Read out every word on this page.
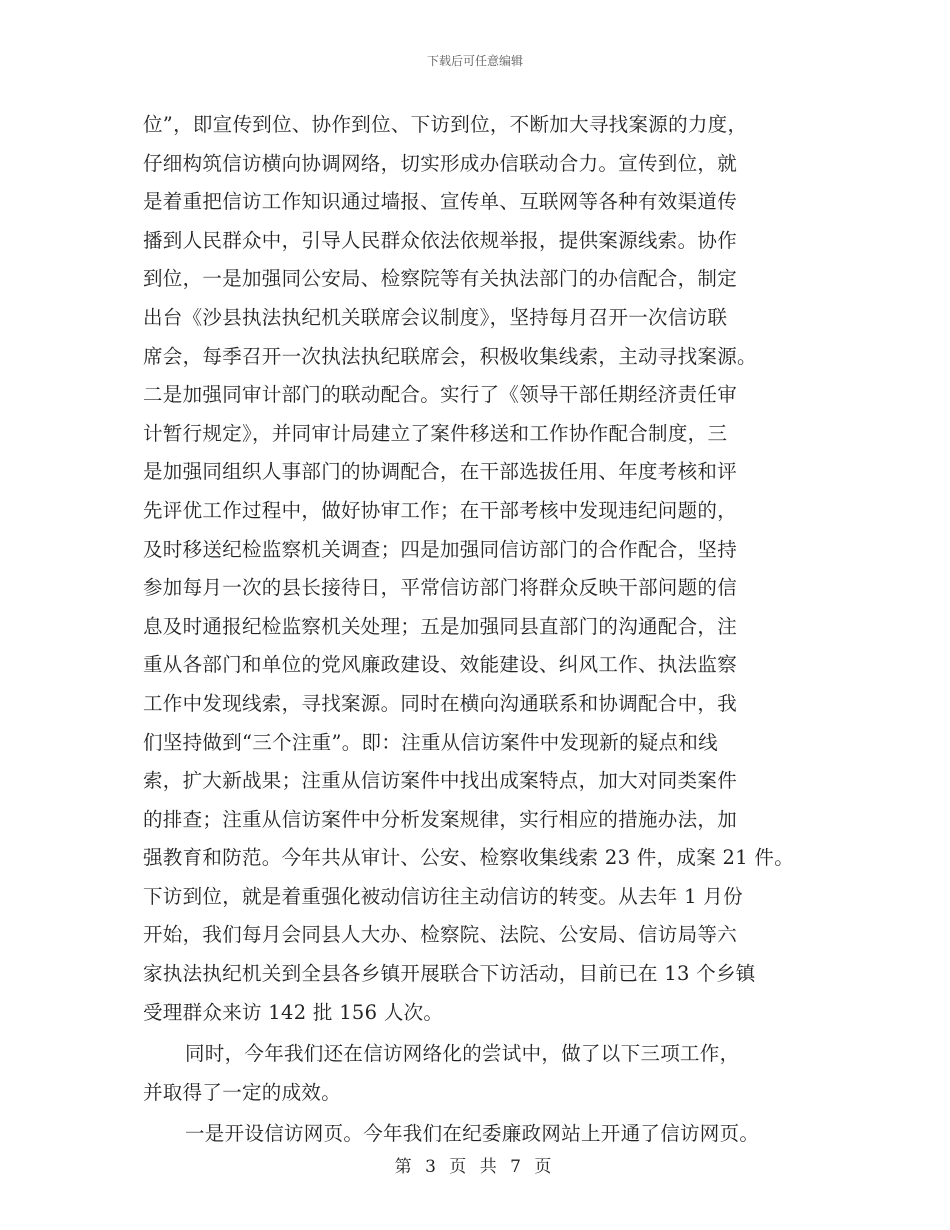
下载后可任意编辑
位”，即宣传到位、协作到位、下访到位，不断加大寻找案源的力度，
仔细构筑信访横向协调网络，切实形成办信联动合力。宣传到位，就
是着重把信访工作知识通过墙报、宣传单、互联网等各种有效渠道传
播到人民群众中，引导人民群众依法依规举报，提供案源线索。协作
到位，一是加强同公安局、检察院等有关执法部门的办信配合，制定
出台《沙县执法执纪机关联席会议制度》，坚持每月召开一次信访联
席会，每季召开一次执法执纪联席会，积极收集线索，主动寻找案源。
二是加强同审计部门的联动配合。实行了《领导干部任期经济责任审
计暂行规定》，并同审计局建立了案件移送和工作协作配合制度，三
是加强同组织人事部门的协调配合，在干部选拔任用、年度考核和评
先评优工作过程中，做好协审工作；在干部考核中发现违纪问题的，
及时移送纪检监察机关调查；四是加强同信访部门的合作配合，坚持
参加每月一次的县长接待日，平常信访部门将群众反映干部问题的信
息及时通报纪检监察机关处理；五是加强同县直部门的沟通配合，注
重从各部门和单位的党风廉政建设、效能建设、纠风工作、执法监察
工作中发现线索，寻找案源。同时在横向沟通联系和协调配合中，我
们坚持做到“三个注重”。即：注重从信访案件中发现新的疑点和线
索，扩大新战果；注重从信访案件中找出成案特点，加大对同类案件
的排查；注重从信访案件中分析发案规律，实行相应的措施办法，加
强教育和防范。今年共从审计、公安、检察收集线索 23 件，成案 21 件。
下访到位，就是着重强化被动信访往主动信访的转变。从去年 1 月份
开始，我们每月会同县人大办、检察院、法院、公安局、信访局等六
家执法执纪机关到全县各乡镇开展联合下访活动，目前已在 13 个乡镇
受理群众来访 142 批 156 人次。
同时，今年我们还在信访网络化的尝试中，做了以下三项工作，
并取得了一定的成效。
一是开设信访网页。今年我们在纪委廉政网站上开通了信访网页。
第 3 页 共 7 页
